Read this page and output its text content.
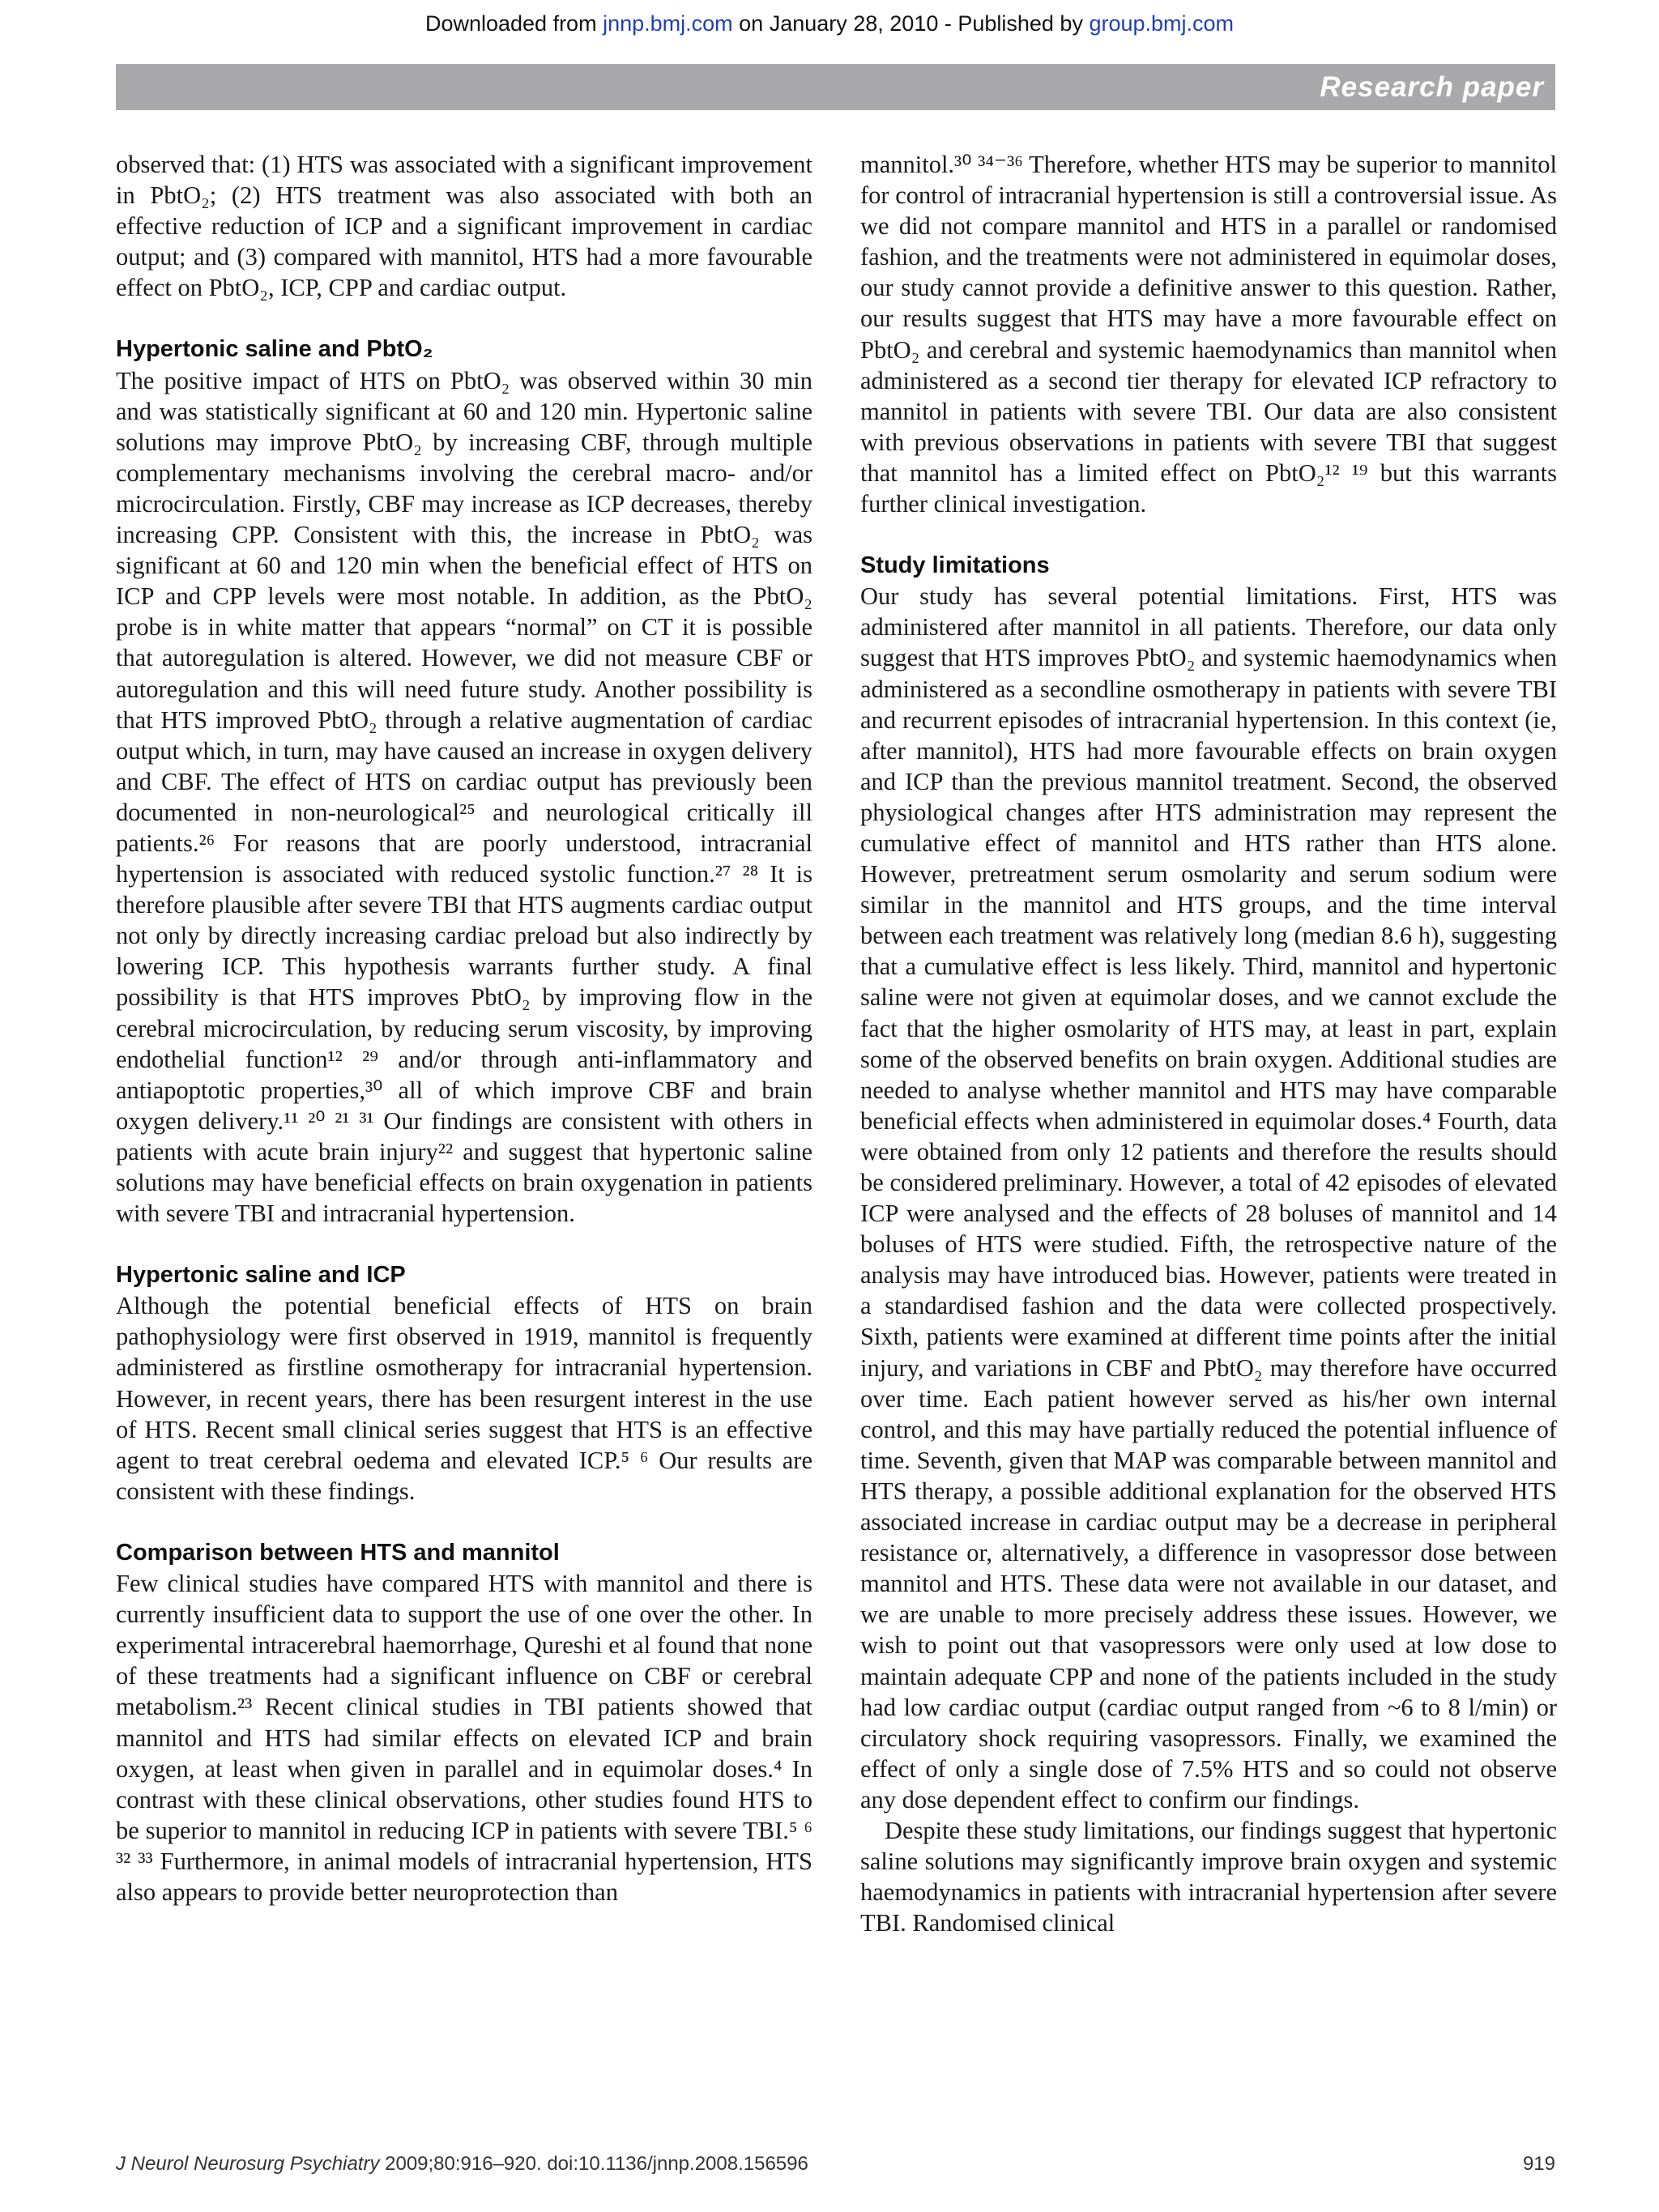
Downloaded from jnnp.bmj.com on January 28, 2010 - Published by group.bmj.com
Research paper

observed that: (1) HTS was associated with a significant improvement in PbtO₂; (2) HTS treatment was also associated with both an effective reduction of ICP and a significant improvement in cardiac output; and (3) compared with mannitol, HTS had a more favourable effect on PbtO₂, ICP, CPP and cardiac output.

Hypertonic saline and PbtO₂

The positive impact of HTS on PbtO₂ was observed within 30 min and was statistically significant at 60 and 120 min. Hypertonic saline solutions may improve PbtO₂ by increasing CBF, through multiple complementary mechanisms involving the cerebral macro- and/or microcirculation. Firstly, CBF may increase as ICP decreases, thereby increasing CPP. Consistent with this, the increase in PbtO₂ was significant at 60 and 120 min when the beneficial effect of HTS on ICP and CPP levels were most notable. In addition, as the PbtO₂ probe is in white matter that appears “normal” on CT it is possible that autoregulation is altered. However, we did not measure CBF or autoregulation and this will need future study. Another possibility is that HTS improved PbtO₂ through a relative augmentation of cardiac output which, in turn, may have caused an increase in oxygen delivery and CBF. The effect of HTS on cardiac output has previously been documented in non-neurological²⁵ and neurological critically ill patients.²⁶ For reasons that are poorly understood, intracranial hypertension is associated with reduced systolic function.²⁷ ²⁸ It is therefore plausible after severe TBI that HTS augments cardiac output not only by directly increasing cardiac preload but also indirectly by lowering ICP. This hypothesis warrants further study. A final possibility is that HTS improves PbtO₂ by improving flow in the cerebral microcirculation, by reducing serum viscosity, by improving endothelial function¹² ²⁹ and/or through anti-inflammatory and antiapoptotic properties,³⁰ all of which improve CBF and brain oxygen delivery.¹¹ ²⁰ ²¹ ³¹ Our findings are consistent with others in patients with acute brain injury²² and suggest that hypertonic saline solutions may have beneficial effects on brain oxygenation in patients with severe TBI and intracranial hypertension.

Hypertonic saline and ICP

Although the potential beneficial effects of HTS on brain pathophysiology were first observed in 1919, mannitol is frequently administered as firstline osmotherapy for intracranial hypertension. However, in recent years, there has been resurgent interest in the use of HTS. Recent small clinical series suggest that HTS is an effective agent to treat cerebral oedema and elevated ICP.⁵ ⁶ Our results are consistent with these findings.

Comparison between HTS and mannitol

Few clinical studies have compared HTS with mannitol and there is currently insufficient data to support the use of one over the other. In experimental intracerebral haemorrhage, Qureshi et al found that none of these treatments had a significant influence on CBF or cerebral metabolism.²³ Recent clinical studies in TBI patients showed that mannitol and HTS had similar effects on elevated ICP and brain oxygen, at least when given in parallel and in equimolar doses.⁴ In contrast with these clinical observations, other studies found HTS to be superior to mannitol in reducing ICP in patients with severe TBI.⁵ ⁶ ³² ³³ Furthermore, in animal models of intracranial hypertension, HTS also appears to provide better neuroprotection than

mannitol.³⁰ ³⁴⁻³⁶ Therefore, whether HTS may be superior to mannitol for control of intracranial hypertension is still a controversial issue. As we did not compare mannitol and HTS in a parallel or randomised fashion, and the treatments were not administered in equimolar doses, our study cannot provide a definitive answer to this question. Rather, our results suggest that HTS may have a more favourable effect on PbtO₂ and cerebral and systemic haemodynamics than mannitol when administered as a second tier therapy for elevated ICP refractory to mannitol in patients with severe TBI. Our data are also consistent with previous observations in patients with severe TBI that suggest that mannitol has a limited effect on PbtO₂¹² ¹⁹ but this warrants further clinical investigation.

Study limitations

Our study has several potential limitations. First, HTS was administered after mannitol in all patients. Therefore, our data only suggest that HTS improves PbtO₂ and systemic haemodynamics when administered as a secondline osmotherapy in patients with severe TBI and recurrent episodes of intracranial hypertension. In this context (ie, after mannitol), HTS had more favourable effects on brain oxygen and ICP than the previous mannitol treatment. Second, the observed physiological changes after HTS administration may represent the cumulative effect of mannitol and HTS rather than HTS alone. However, pretreatment serum osmolarity and serum sodium were similar in the mannitol and HTS groups, and the time interval between each treatment was relatively long (median 8.6 h), suggesting that a cumulative effect is less likely. Third, mannitol and hypertonic saline were not given at equimolar doses, and we cannot exclude the fact that the higher osmolarity of HTS may, at least in part, explain some of the observed benefits on brain oxygen. Additional studies are needed to analyse whether mannitol and HTS may have comparable beneficial effects when administered in equimolar doses.⁴ Fourth, data were obtained from only 12 patients and therefore the results should be considered preliminary. However, a total of 42 episodes of elevated ICP were analysed and the effects of 28 boluses of mannitol and 14 boluses of HTS were studied. Fifth, the retrospective nature of the analysis may have introduced bias. However, patients were treated in a standardised fashion and the data were collected prospectively. Sixth, patients were examined at different time points after the initial injury, and variations in CBF and PbtO₂ may therefore have occurred over time. Each patient however served as his/her own internal control, and this may have partially reduced the potential influence of time. Seventh, given that MAP was comparable between mannitol and HTS therapy, a possible additional explanation for the observed HTS associated increase in cardiac output may be a decrease in peripheral resistance or, alternatively, a difference in vasopressor dose between mannitol and HTS. These data were not available in our dataset, and we are unable to more precisely address these issues. However, we wish to point out that vasopressors were only used at low dose to maintain adequate CPP and none of the patients included in the study had low cardiac output (cardiac output ranged from ~6 to 8 l/min) or circulatory shock requiring vasopressors. Finally, we examined the effect of only a single dose of 7.5% HTS and so could not observe any dose dependent effect to confirm our findings.

Despite these study limitations, our findings suggest that hypertonic saline solutions may significantly improve brain oxygen and systemic haemodynamics in patients with intracranial hypertension after severe TBI. Randomised clinical

J Neurol Neurosurg Psychiatry 2009;80:916–920. doi:10.1136/jnnp.2008.156596	919
